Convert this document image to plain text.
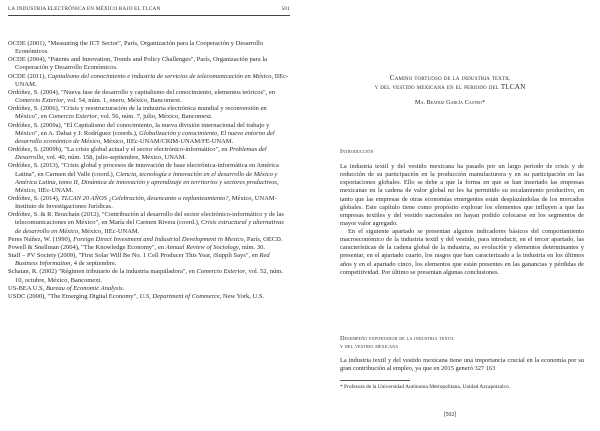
LA INDUSTRIA ELECTRÓNICA EN MÉXICO BAJO EL TLCAN	501

OCDE (2001), "Measuring the ICT Sector", París, Organización para la Cooperación y Desarrollo Económicos.

OCDE (2004), "Patents and Innovation, Trends and Policy Challenges", París, Organización para la Cooperación y Desarrollo Económicos.

OCDE (2011), Capitalismo del conocimiento e industria de servicios de telecomunicación en México, IIEc-UNAM.

Ordóñez, S. (2004), "Nueva fase de desarrollo y capitalismo del conocimiento, elementos teóricos", en Comercio Exterior, vol. 54, núm. 1, enero, México, Bancomext.

Ordóñez, S. (2006), "Crisis y reestructuración de la industria electrónica mundial y reconversión en México", en Comercio Exterior, vol. 56, núm. 7, julio, México, Bancomext.

Ordóñez, S. (2009a), "El Capitalismo del conocimiento, la nueva división internacional del trabajo y México", en A. Dabat y J. Rodríguez (coords.), Globalización y conocimiento, El nuevo entorno del desarrollo económico de México, México, IIEc-UNAM/CRIM-UNAM/FE-UNAM.

Ordóñez, S. (2009b), "La crisis global actual y el sector electrónico-informático", en Problemas del Desarrollo, vol. 40, núm. 158, julio-septiembre, México, UNAM.

Ordóñez, S. (2013), "Crisis global y procesos de innovación de base electrónica-informática en América Latina", en Carmen del Valle (coord.), Ciencia, tecnología e innovación en el desarrollo de México y América Latina, tomo II, Dinámica de innovación y aprendizaje en territorios y sectores productivos, México, IIEc-UNAM.

Ordóñez, S. (2014), TLCAN 20 AÑOS ¿Celebración, desencanto o replanteamiento?, México, UNAM-Instituto de Investigaciones Jurídicas.

Ordóñez, S. & R. Bouchaín (2012), "Contribución al desarrollo del sector electrónico-informático y de las telecomunicaciones en México", en María del Carmen Rivera (coord.), Crisis estructural y alternativas de desarrollo en México, México, IIEc-UNAM.

Peres Núñez, W. (1990), Foreign Direct Investment and Industrial Development in Mexico, París, OECD.

Powell & Snellman (2004), "The Knowledge Economy", en Annual Review of Sociology, núm. 30.

Staff – PV Society (2009), "First Solar Will Be No. 1 Cell Producer This Year, iSuppli Says", en Red Business Information, 4 de septiembre.

Schatan, R. (2002) "Régimen tributario de la industria maquiladora", en Comercio Exterior, vol. 52, núm. 10, octubre, México, Bancomext.

US-BEA U.S, Bureau of Economic Analysis.

USDC (2000), "The Emerging Digital Economy", U.S, Department of Commerce, New York, U.S.

Camino tortuoso de la industria textil
y del vestido mexicana en el periodo del TLCAN
Ma. Beatriz García Castro*
Introducción

La industria textil y del vestido mexicana ha pasado por un largo periodo de crisis y de reducción de su participación en la producción manufacturera y en su participación en las exportaciones globales. Ello se debe a que la forma en que se han insertado las empresas mexicanas en la cadena de valor global no les ha permitido su escalamiento productivo, en tanto que las empresas de otras economías emergentes están desplazándolas de los mercados globales. Este capítulo tiene como propósito explorar los elementos que influyen a que las empresas textiles y del vestido nacionales no hayan podido colocarse en los segmentos de mayor valor agregado.

En el siguiente apartado se presentan algunos indicadores básicos del comportamiento macroeconómico de la industria textil y del vestido, para introducir, en el tercer apartado, las características de la cadena global de la industria, su evolución y elementos determinantes y presentar, en el apartado cuarto, los rasgos que han caracterizado a la industria en los últimos años y en el apartado cinco, los elementos que están presentes en las ganancias y pérdidas de competitividad. Por último se presentan algunas conclusiones.

Desempeño exportador de la industria textil
y del vestido mexicana

La industria textil y del vestido mexicana tiene una importancia crucial en la economía por su gran contribución al empleo, ya que en 2015 generó 327 163

* Profesora de la Universidad Autónoma Metropolitana, Unidad Azcapotzalco.
[502]
